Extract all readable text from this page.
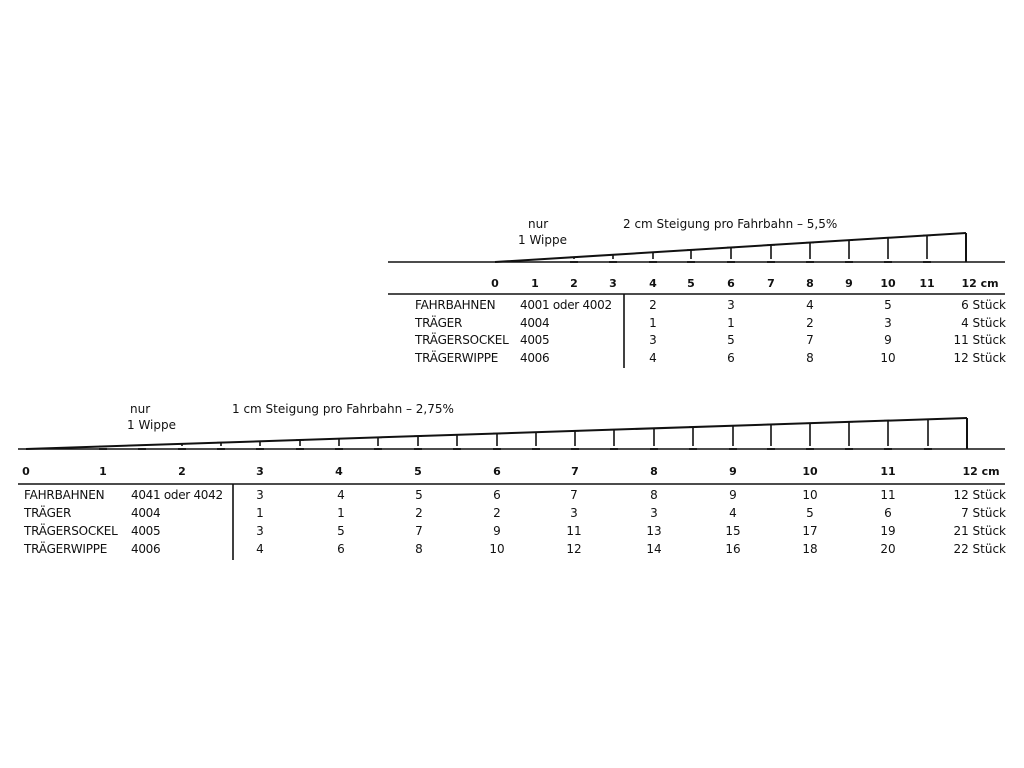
nur
1 Wippe
2 cm Steigung pro Fahrbahn – 5,5%
nur
1 Wippe
1 cm Steigung pro Fahrbahn – 2,75%
0	1	2	3	4	5	6	7	8	9	10 11 12 cm
FAHRBAHNEN 4001 oder 4002	2	3	4	5	6 Stück
TRÄGER	4004	1	1	2	3	4 Stück
TRÄGERSOCKEL 4005	3	5	7	9	11 Stück
TRÄGERWIPPE 4006	4	6	8	10	12 Stück
0	1	2	3	4	5	6	7	8	9	10	11	12 cm
FAHRBAHNEN 4041 oder 4042	3	4	5	6	7	8	9	10	11	12 Stück
TRÄGER	4004	1	1	2	2	3	3	4	5	6	7 Stück
TRÄGERSOCKEL 4005	3	5	7	9	11	13	15	17	19	21 Stück
TRÄGERWIPPE 4006	4	6	8	10	12	14	16	18	20	22 Stück
